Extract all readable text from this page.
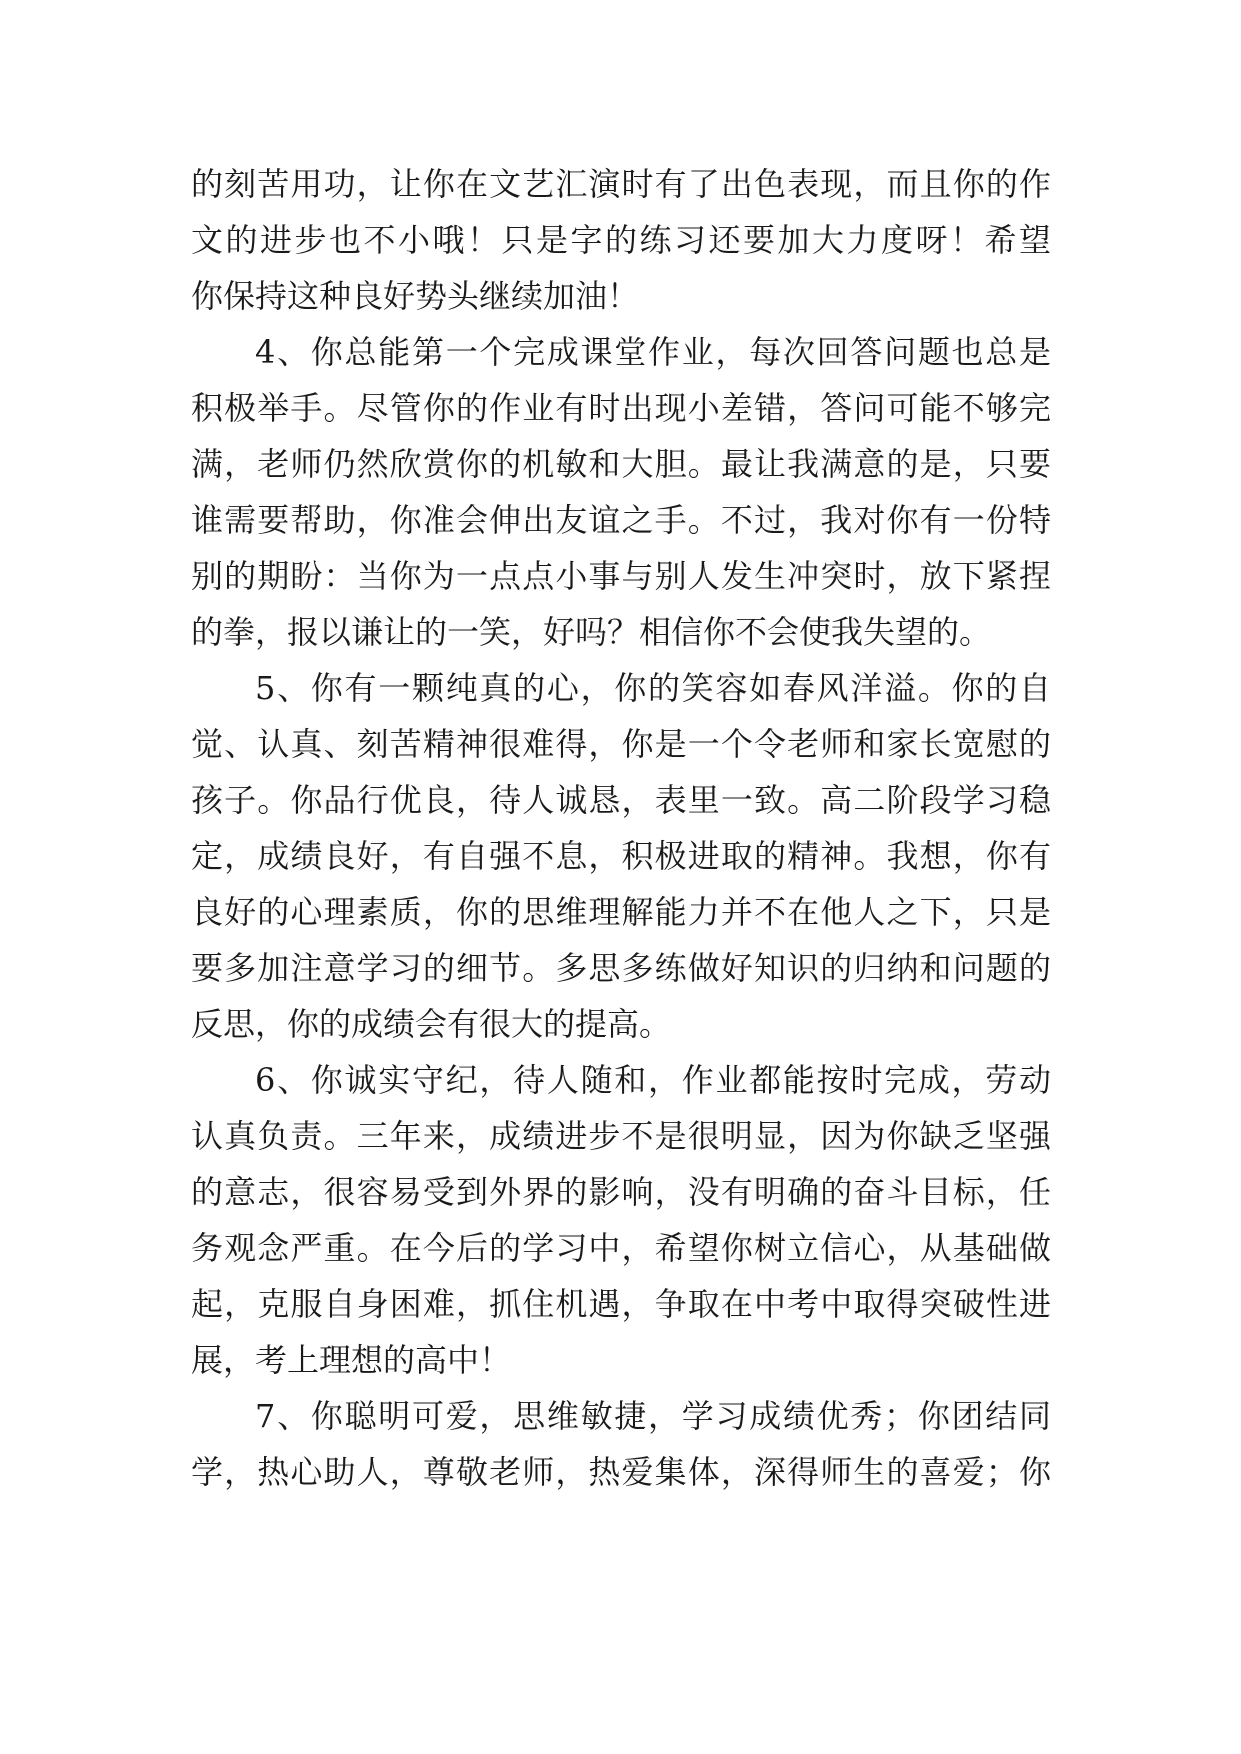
的刻苦用功，让你在文艺汇演时有了出色表现，而且你的作
文的进步也不小哦！只是字的练习还要加大力度呀！希望
你保持这种良好势头继续加油！
4、你总能第一个完成课堂作业，每次回答问题也总是
积极举手。尽管你的作业有时出现小差错，答问可能不够完
满，老师仍然欣赏你的机敏和大胆。最让我满意的是，只要
谁需要帮助，你准会伸出友谊之手。不过，我对你有一份特
别的期盼：当你为一点点小事与别人发生冲突时，放下紧捏
的拳，报以谦让的一笑，好吗？相信你不会使我失望的。
5、你有一颗纯真的心，你的笑容如春风洋溢。你的自
觉、认真、刻苦精神很难得，你是一个令老师和家长宽慰的
孩子。你品行优良，待人诚恳，表里一致。高二阶段学习稳
定，成绩良好，有自强不息，积极进取的精神。我想，你有
良好的心理素质，你的思维理解能力并不在他人之下，只是
要多加注意学习的细节。多思多练做好知识的归纳和问题的
反思，你的成绩会有很大的提高。
6、你诚实守纪，待人随和，作业都能按时完成，劳动
认真负责。三年来，成绩进步不是很明显，因为你缺乏坚强
的意志，很容易受到外界的影响，没有明确的奋斗目标，任
务观念严重。在今后的学习中，希望你树立信心，从基础做
起，克服自身困难，抓住机遇，争取在中考中取得突破性进
展，考上理想的高中！
7、你聪明可爱，思维敏捷，学习成绩优秀；你团结同
学，热心助人，尊敬老师，热爱集体，深得师生的喜爱；你
